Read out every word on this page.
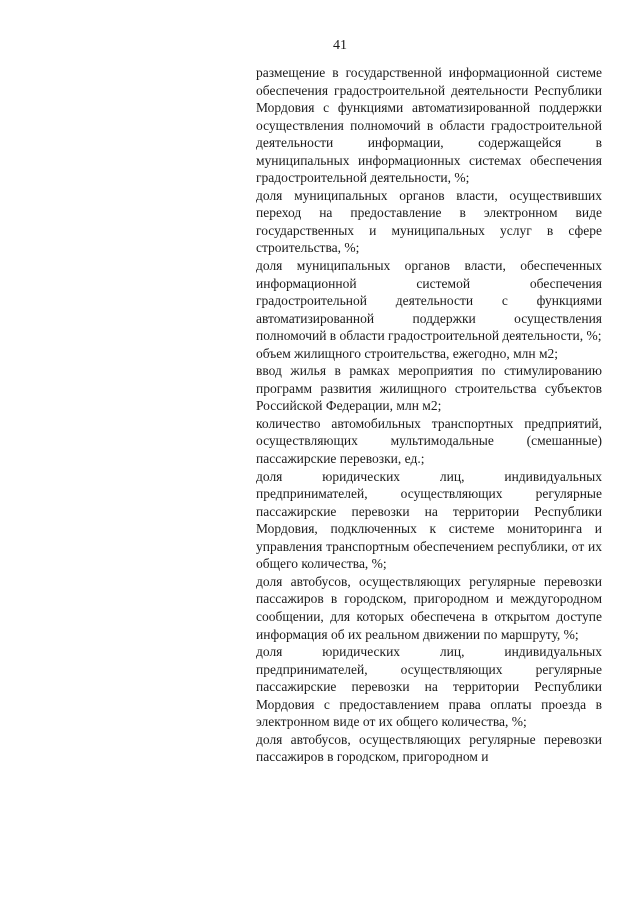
41

размещение в государственной информационной системе обеспечения градостроительной деятельности Республики Мордовия с функциями автоматизированной поддержки осуществления полномочий в области градостроительной деятельности информации, содержащейся в муниципальных информационных системах обеспечения градостроительной деятельности, %;

доля муниципальных органов власти, осуществивших переход на предоставление в электронном виде государственных и муниципальных услуг в сфере строительства, %;

доля муниципальных органов власти, обеспеченных информационной системой обеспечения градостроительной деятельности с функциями автоматизированной поддержки осуществления полномочий в области градостроительной деятельности, %;

объем жилищного строительства, ежегодно, млн м2;

ввод жилья в рамках мероприятия по стимулированию программ развития жилищного строительства субъектов Российской Федерации, млн м2;

количество автомобильных транспортных предприятий, осуществляющих мультимодальные (смешанные) пассажирские перевозки, ед.;

доля юридических лиц, индивидуальных предпринимателей, осуществляющих регулярные пассажирские перевозки на территории Республики Мордовия, подключенных к системе мониторинга и управления транспортным обеспечением республики, от их общего количества, %;

доля автобусов, осуществляющих регулярные перевозки пассажиров в городском, пригородном и междугородном сообщении, для которых обеспечена в открытом доступе информация об их реальном движении по маршруту, %;

доля юридических лиц, индивидуальных предпринимателей, осуществляющих регулярные пассажирские перевозки на территории Республики Мордовия с предоставлением права оплаты проезда в электронном виде от их общего количества, %;

доля автобусов, осуществляющих регулярные перевозки пассажиров в городском, пригородном и
